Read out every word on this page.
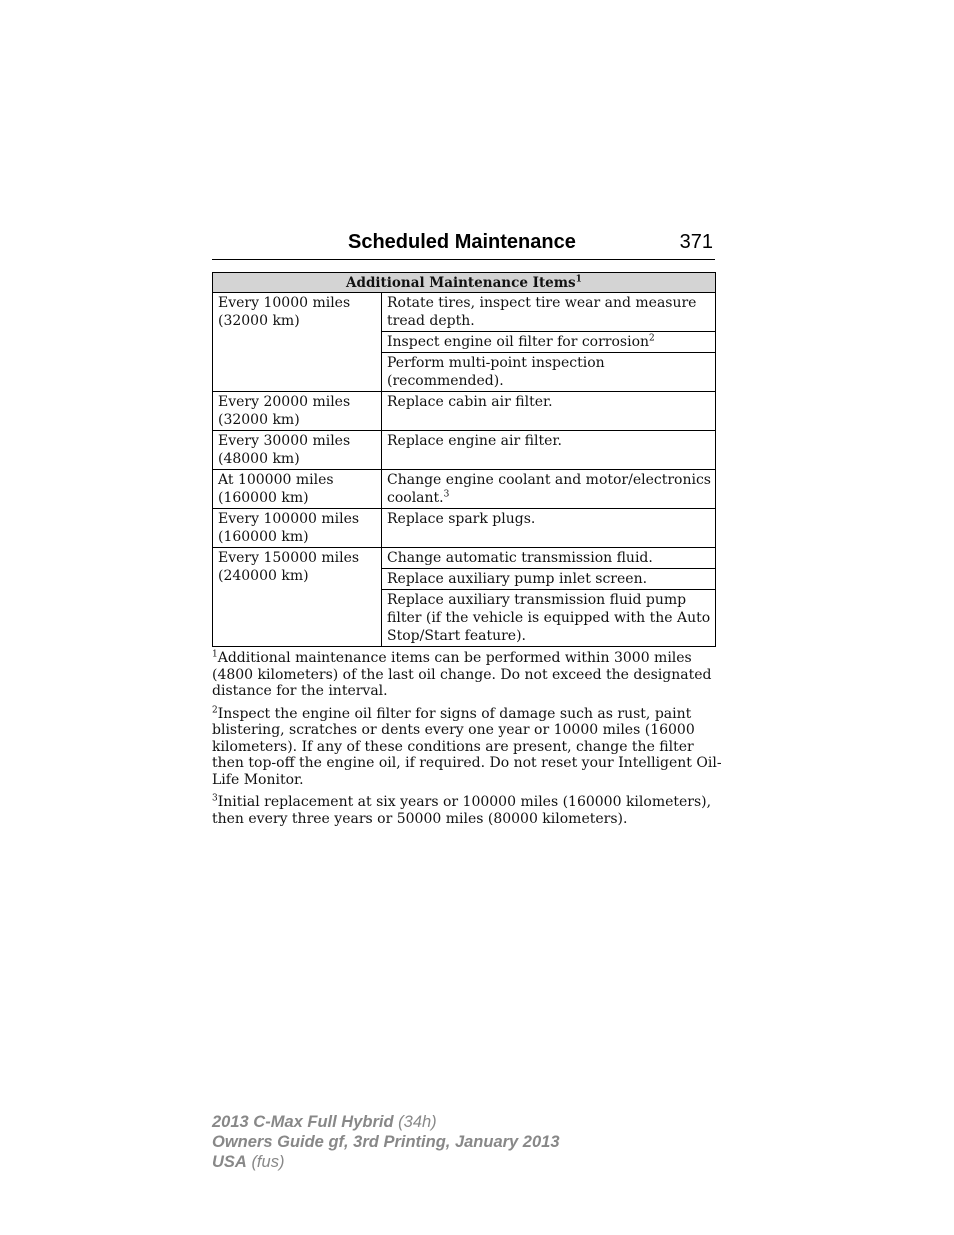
Scheduled Maintenance	371
Additional Maintenance Items$^1$
Every 10000 miles (32000 km)	Rotate tires, inspect tire wear and measure tread depth.
	Inspect engine oil filter for corrosion$^2$
	Perform multi-point inspection (recommended).
Every 20000 miles (32000 km)	Replace cabin air filter.
Every 30000 miles (48000 km)	Replace engine air filter.
At 100000 miles (160000 km)	Change engine coolant and motor/electronics coolant.$^3$
Every 100000 miles (160000 km)	Replace spark plugs.
Every 150000 miles (240000 km)	Change automatic transmission fluid.
	Replace auxiliary pump inlet screen.
	Replace auxiliary transmission fluid pump filter (if the vehicle is equipped with the Auto Stop/Start feature).

$^1$Additional maintenance items can be performed within 3000 miles (4800 kilometers) of the last oil change. Do not exceed the designated distance for the interval.

$^2$Inspect the engine oil filter for signs of damage such as rust, paint blistering, scratches or dents every one year or 10000 miles (16000 kilometers). If any of these conditions are present, change the filter then top-off the engine oil, if required. Do not reset your Intelligent Oil-Life Monitor.

$^3$Initial replacement at six years or 100000 miles (160000 kilometers), then every three years or 50000 miles (80000 kilometers).

2013 C-Max Full Hybrid (34h)
Owners Guide gf, 3rd Printing, January 2013
USA (fus)
